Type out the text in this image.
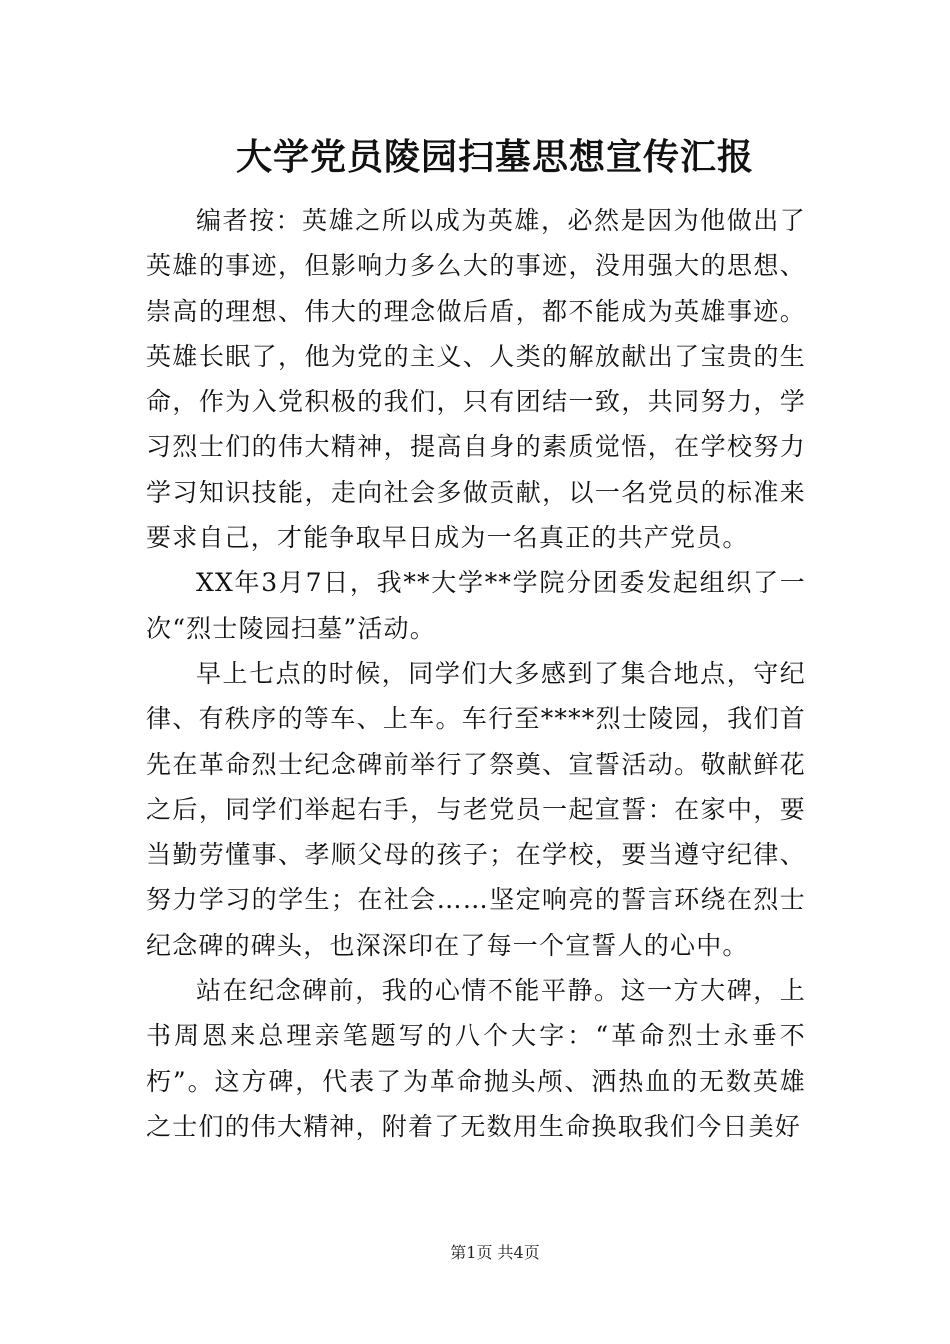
大学党员陵园扫墓思想宣传汇报

编者按：英雄之所以成为英雄，必然是因为他做出了英雄的事迹，但影响力多么大的事迹，没用强大的思想、崇高的理想、伟大的理念做后盾，都不能成为英雄事迹。英雄长眠了，他为党的主义、人类的解放献出了宝贵的生命，作为入党积极的我们，只有团结一致，共同努力，学习烈士们的伟大精神，提高自身的素质觉悟，在学校努力学习知识技能，走向社会多做贡献，以一名党员的标准来要求自己，才能争取早日成为一名真正的共产党员。

XX年3月7日，我**大学**学院分团委发起组织了一次“烈士陵园扫墓”活动。

早上七点的时候，同学们大多感到了集合地点，守纪律、有秩序的等车、上车。车行至****烈士陵园，我们首先在革命烈士纪念碑前举行了祭奠、宣誓活动。敬献鲜花之后，同学们举起右手，与老党员一起宣誓：在家中，要当勤劳懂事、孝顺父母的孩子；在学校，要当遵守纪律、努力学习的学生；在社会……坚定响亮的誓言环绕在烈士纪念碑的碑头，也深深印在了每一个宣誓人的心中。

站在纪念碑前，我的心情不能平静。这一方大碑，上书周恩来总理亲笔题写的八个大字：“革命烈士永垂不朽”。这方碑，代表了为革命抛头颅、洒热血的无数英雄之士们的伟大精神，附着了无数用生命换取我们今日美好

第1页 共4页
